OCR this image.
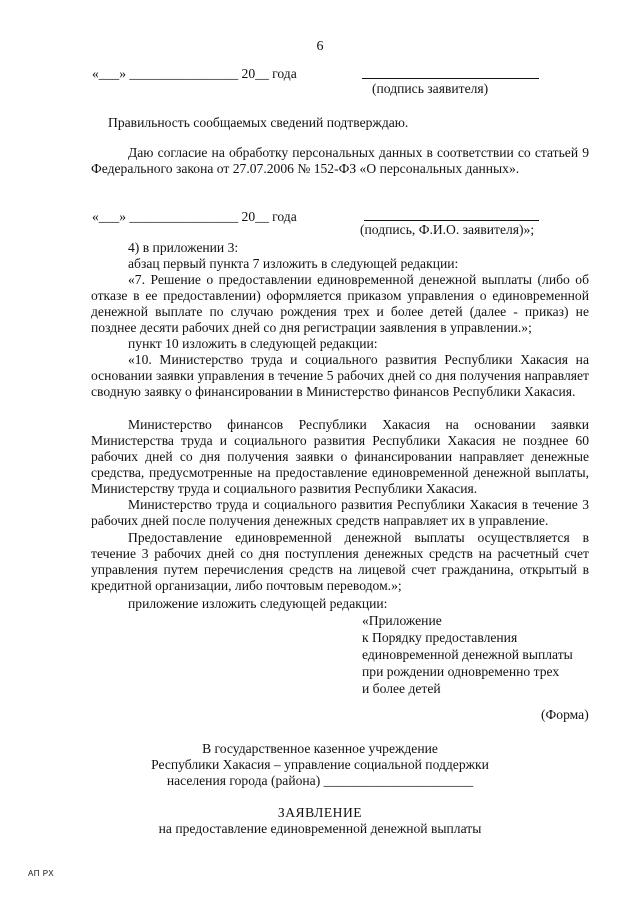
6
«___» ________________ 20__ года
(подпись заявителя)
Правильность сообщаемых сведений подтверждаю.

Даю согласие на обработку персональных данных в соответствии со статьей 9 Федерального закона от 27.07.2006 № 152-ФЗ «О персональных данных».

«___» ________________ 20__ года
(подпись, Ф.И.О. заявителя)»;
4) в приложении 3:
абзац первый пункта 7 изложить в следующей редакции:

«7. Решение о предоставлении единовременной денежной выплаты (либо об отказе в ее предоставлении) оформляется приказом управления о единовременной денежной выплате по случаю рождения трех и более детей (далее - приказ) не позднее десяти рабочих дней со дня регистрации заявления в управлении.»;

пункт 10 изложить в следующей редакции:

«10. Министерство труда и социального развития Республики Хакасия на основании заявки управления в течение 5 рабочих дней со дня получения направляет сводную заявку о финансировании в Министерство финансов Республики Хакасия.

Министерство финансов Республики Хакасия на основании заявки Министерства труда и социального развития Республики Хакасия не позднее 60 рабочих дней со дня получения заявки о финансировании направляет денежные средства, предусмотренные на предоставление единовременной денежной выплаты, Министерству труда и социального развития Республики Хакасия.

Министерство труда и социального развития Республики Хакасия в течение 3 рабочих дней после получения денежных средств направляет их в управление.

Предоставление единовременной денежной выплаты осуществляется в течение 3 рабочих дней со дня поступления денежных средств на расчетный счет управления путем перечисления средств на лицевой счет гражданина, открытый в кредитной организации, либо почтовым переводом.»;

приложение изложить следующей редакции:
«Приложение
к Порядку предоставления
единовременной денежной выплаты
при рождении одновременно трех
и более детей
(Форма)
В государственное казенное учреждение
Республики Хакасия – управление социальной поддержки
населения города (района) ______________________
ЗАЯВЛЕНИЕ
на предоставление единовременной денежной выплаты
АП РХ
